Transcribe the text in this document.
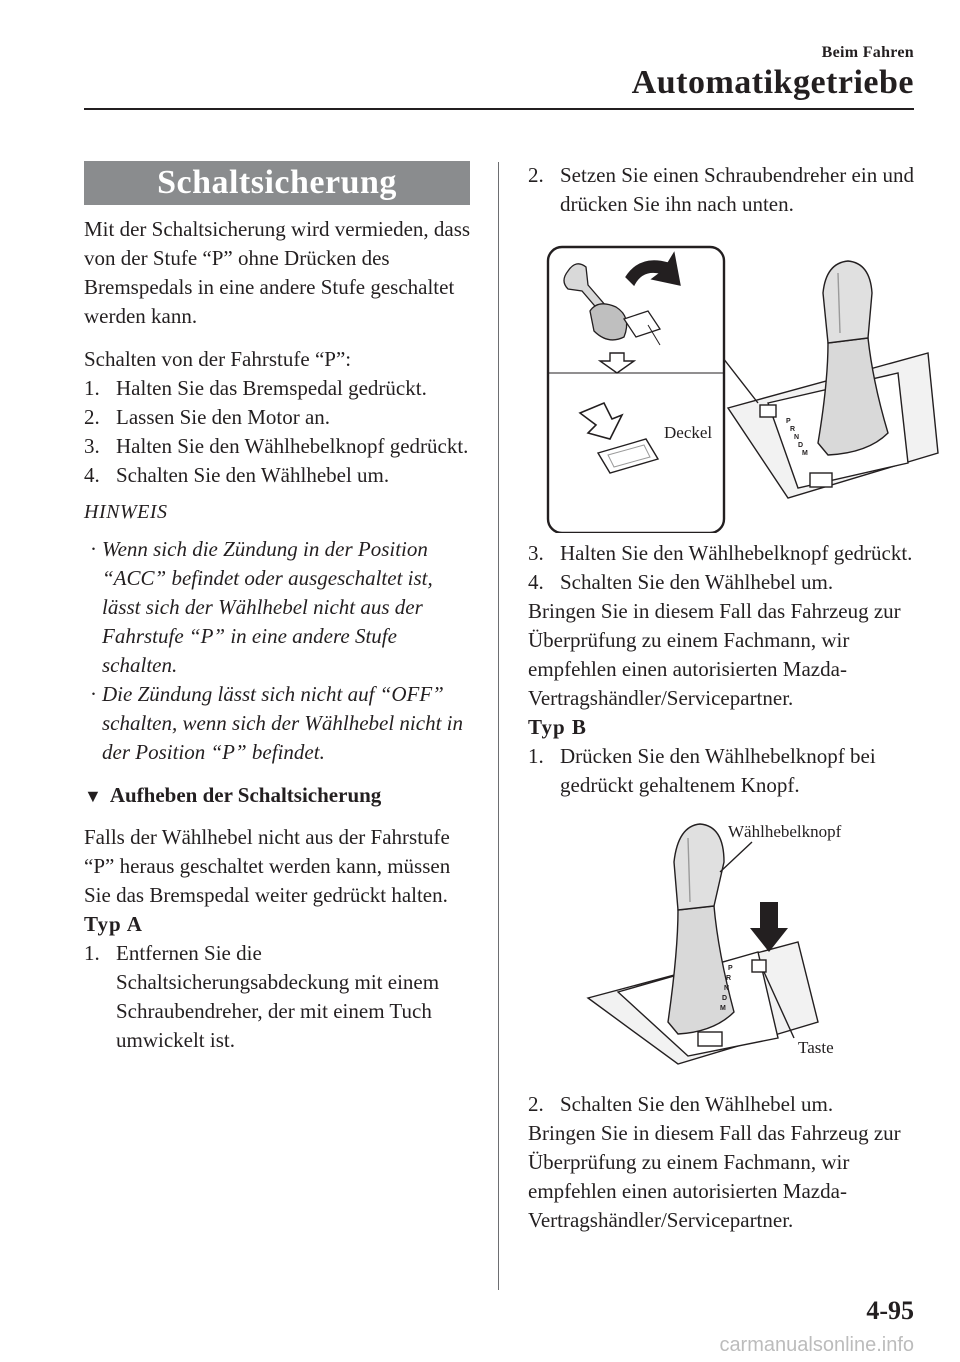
Beim Fahren
Automatikgetriebe
Schaltsicherung

Mit der Schaltsicherung wird vermieden, dass von der Stufe “P” ohne Drücken des Bremspedals in eine andere Stufe geschaltet werden kann.

Schalten von der Fahrstufe “P”:

1. Halten Sie das Bremspedal gedrückt.
2. Lassen Sie den Motor an.
3. Halten Sie den Wählhebelknopf gedrückt.
4. Schalten Sie den Wählhebel um.
HINWEIS
· Wenn sich die Zündung in der Position “ACC” befindet oder ausgeschaltet ist, lässt sich der Wählhebel nicht aus der Fahrstufe “P” in eine andere Stufe schalten.
· Die Zündung lässt sich nicht auf “OFF” schalten, wenn sich der Wählhebel nicht in der Position “P” befindet.
▼ Aufheben der Schaltsicherung

Falls der Wählhebel nicht aus der Fahrstufe “P” heraus geschaltet werden kann, müssen Sie das Bremspedal weiter gedrückt halten.

Typ A
1. Entfernen Sie die Schaltsicherungsabdeckung mit einem Schraubendreher, der mit einem Tuch umwickelt ist.
2. Setzen Sie einen Schraubendreher ein und drücken Sie ihn nach unten.
P
R
N
D
M
Deckel
3. Halten Sie den Wählhebelknopf gedrückt.
4. Schalten Sie den Wählhebel um.

Bringen Sie in diesem Fall das Fahrzeug zur Überprüfung zu einem Fachmann, wir empfehlen einen autorisierten Mazda-Vertragshändler/Servicepartner.

Typ B
1. Drücken Sie den Wählhebelknopf bei gedrückt gehaltenem Knopf.
P
R
N
D
M
Wählhebelknopf
Taste
2. Schalten Sie den Wählhebel um.

Bringen Sie in diesem Fall das Fahrzeug zur Überprüfung zu einem Fachmann, wir empfehlen einen autorisierten Mazda-Vertragshändler/Servicepartner.

4-95
carmanualsonline.info
